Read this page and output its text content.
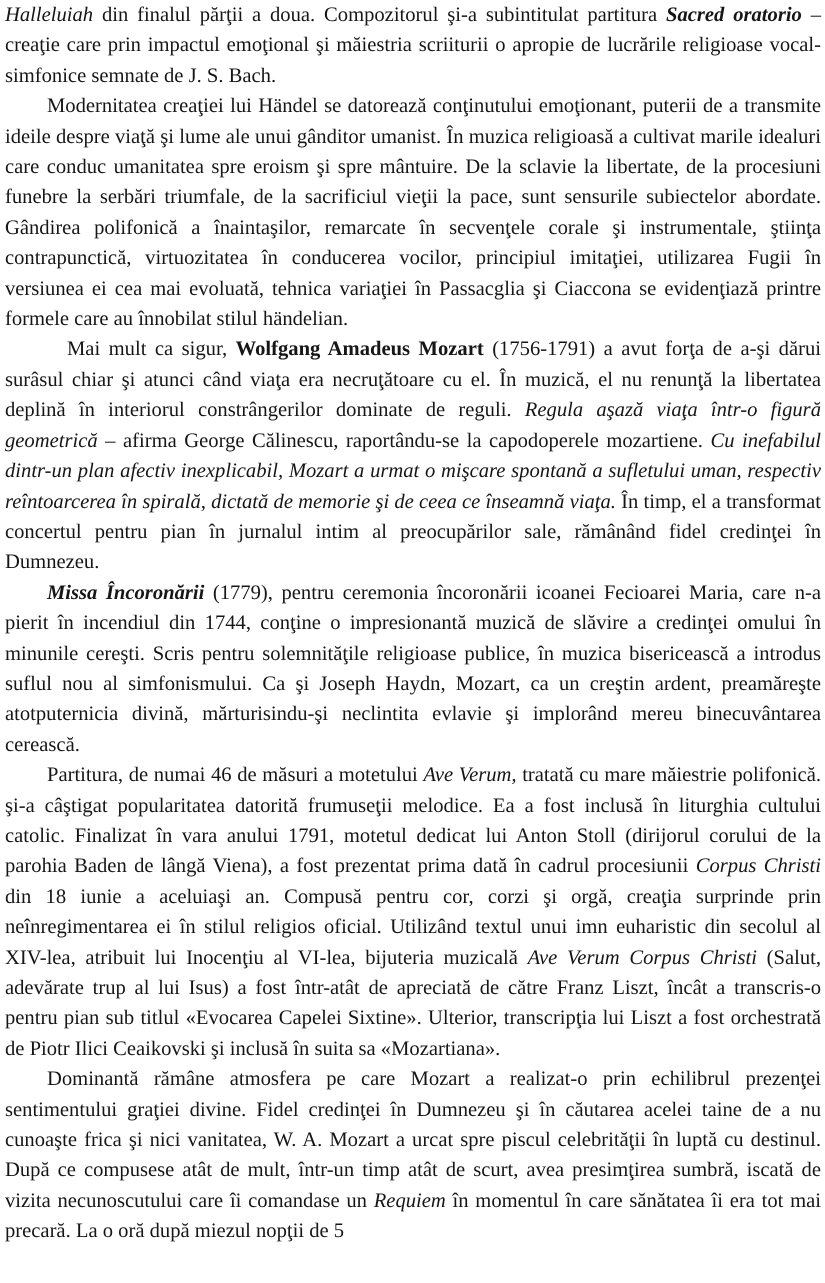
Halleluiah din finalul părţii a doua. Compozitorul şi-a subintitulat partitura Sacred oratorio – creaţie care prin impactul emoţional şi măiestria scriiturii o apropie de lucrările religioase vocal- simfonice semnate de J. S. Bach.

Modernitatea creaţiei lui Händel se datorează conţinutului emoţionant, puterii de a transmite ideile despre viaţă şi lume ale unui gânditor umanist. În muzica religioasă a cultivat marile idealuri care conduc umanitatea spre eroism şi spre mântuire. De la sclavie la libertate, de la procesiuni funebre la serbări triumfale, de la sacrificiul vieţii la pace, sunt sensurile subiectelor abordate. Gândirea polifonică a înaintaşilor, remarcate în secvenţele corale şi instrumentale, ştiinţa contrapunctică, virtuozitatea în conducerea vocilor, principiul imitaţiei, utilizarea Fugii în versiunea ei cea mai evoluată, tehnica variaţiei în Passacglia şi Ciaccona se evidenţiază printre formele care au înnobilat stilul händelian.

Mai mult ca sigur, Wolfgang Amadeus Mozart (1756-1791) a avut forţa de a-şi dărui surâsul chiar şi atunci când viaţa era necruţătoare cu el. În muzică, el nu renunţă la libertatea deplină în interiorul constrângerilor dominate de reguli. Regula aşază viaţa într-o figură geometrică – afirma George Călinescu, raportându-se la capodoperele mozartiene. Cu inefabilul dintr-un plan afectiv inexplicabil, Mozart a urmat o mişcare spontană a sufletului uman, respectiv reîntoarcerea în spirală, dictată de memorie şi de ceea ce înseamnă viaţa. În timp, el a transformat concertul pentru pian în jurnalul intim al preocupărilor sale, rămânând fidel credinţei în Dumnezeu.

Missa Încoronării (1779), pentru ceremonia încoronării icoanei Fecioarei Maria, care n-a pierit în incendiul din 1744, conţine o impresionantă muzică de slăvire a credinţei omului în minunile cereşti. Scris pentru solemnităţile religioase publice, în muzica bisericească a introdus suflul nou al simfonismului. Ca şi Joseph Haydn, Mozart, ca un creştin ardent, preamăreşte atotputernicia divină, mărturisindu-şi neclintita evlavie şi implorând mereu binecuvântarea cerească.

Partitura, de numai 46 de măsuri a motetului Ave Verum, tratată cu mare măiestrie polifonică. şi-a câştigat popularitatea datorită frumuseţii melodice. Ea a fost inclusă în liturghia cultului catolic. Finalizat în vara anului 1791, motetul dedicat lui Anton Stoll (dirijorul corului de la parohia Baden de lângă Viena), a fost prezentat prima dată în cadrul procesiunii Corpus Christi din 18 iunie a aceluiaşi an. Compusă pentru cor, corzi şi orgă, creaţia surprinde prin neînregimentarea ei în stilul religios oficial. Utilizând textul unui imn euharistic din secolul al XIV-lea, atribuit lui Inocenţiu al VI-lea, bijuteria muzicală Ave Verum Corpus Christi (Salut, adevărate trup al lui Isus) a fost într-atât de apreciată de către Franz Liszt, încât a transcris-o pentru pian sub titlul «Evocarea Capelei Sixtine». Ulterior, transcripţia lui Liszt a fost orchestrată de Piotr Ilici Ceaikovski şi inclusă în suita sa «Mozartiana».

Dominantă rămâne atmosfera pe care Mozart a realizat-o prin echilibrul prezenţei sentimentului graţiei divine. Fidel credinţei în Dumnezeu şi în căutarea acelei taine de a nu cunoaşte frica şi nici vanitatea, W. A. Mozart a urcat spre piscul celebrităţii în luptă cu destinul. După ce compusese atât de mult, într-un timp atât de scurt, avea presimţirea sumbră, iscată de vizita necunoscutului care îi comandase un Requiem în momentul în care sănătatea îi era tot mai precară. La o oră după miezul nopţii de 5
